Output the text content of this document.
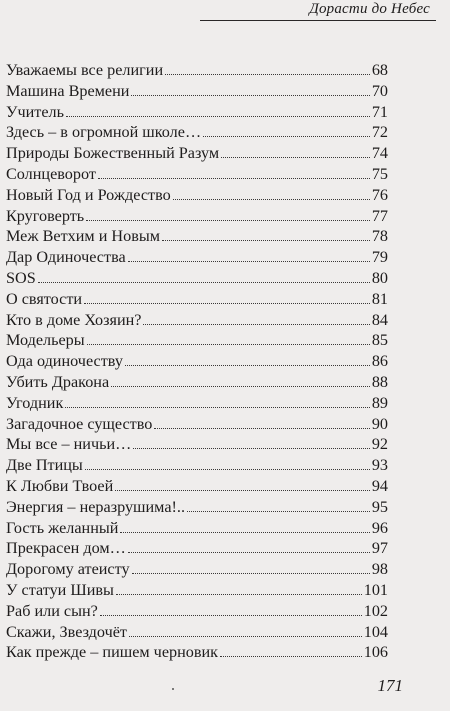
Дорасти до Небес
Уважаемы все религии	68
Машина Времени	70
Учитель	71
Здесь – в огромной школе…	72
Природы Божественный Разум	74
Солнцеворот	75
Новый Год и Рождество	76
Круговерть	77
Меж Ветхим и Новым	78
Дар Одиночества	79
SOS	80
О святости	81
Кто в доме Хозяин?	84
Модельеры	85
Ода одиночеству	86
Убить Дракона	88
Угодник	89
Загадочное существо	90
Мы все – ничьи…	92
Две Птицы	93
К Любви Твоей	94
Энергия – неразрушима!..	95
Гость желанный	96
Прекрасен дом…	97
Дорогому атеисту	98
У статуи Шивы	101
Раб или сын?	102
Скажи, Звездочёт	104
Как прежде – пишем черновик	106
171
